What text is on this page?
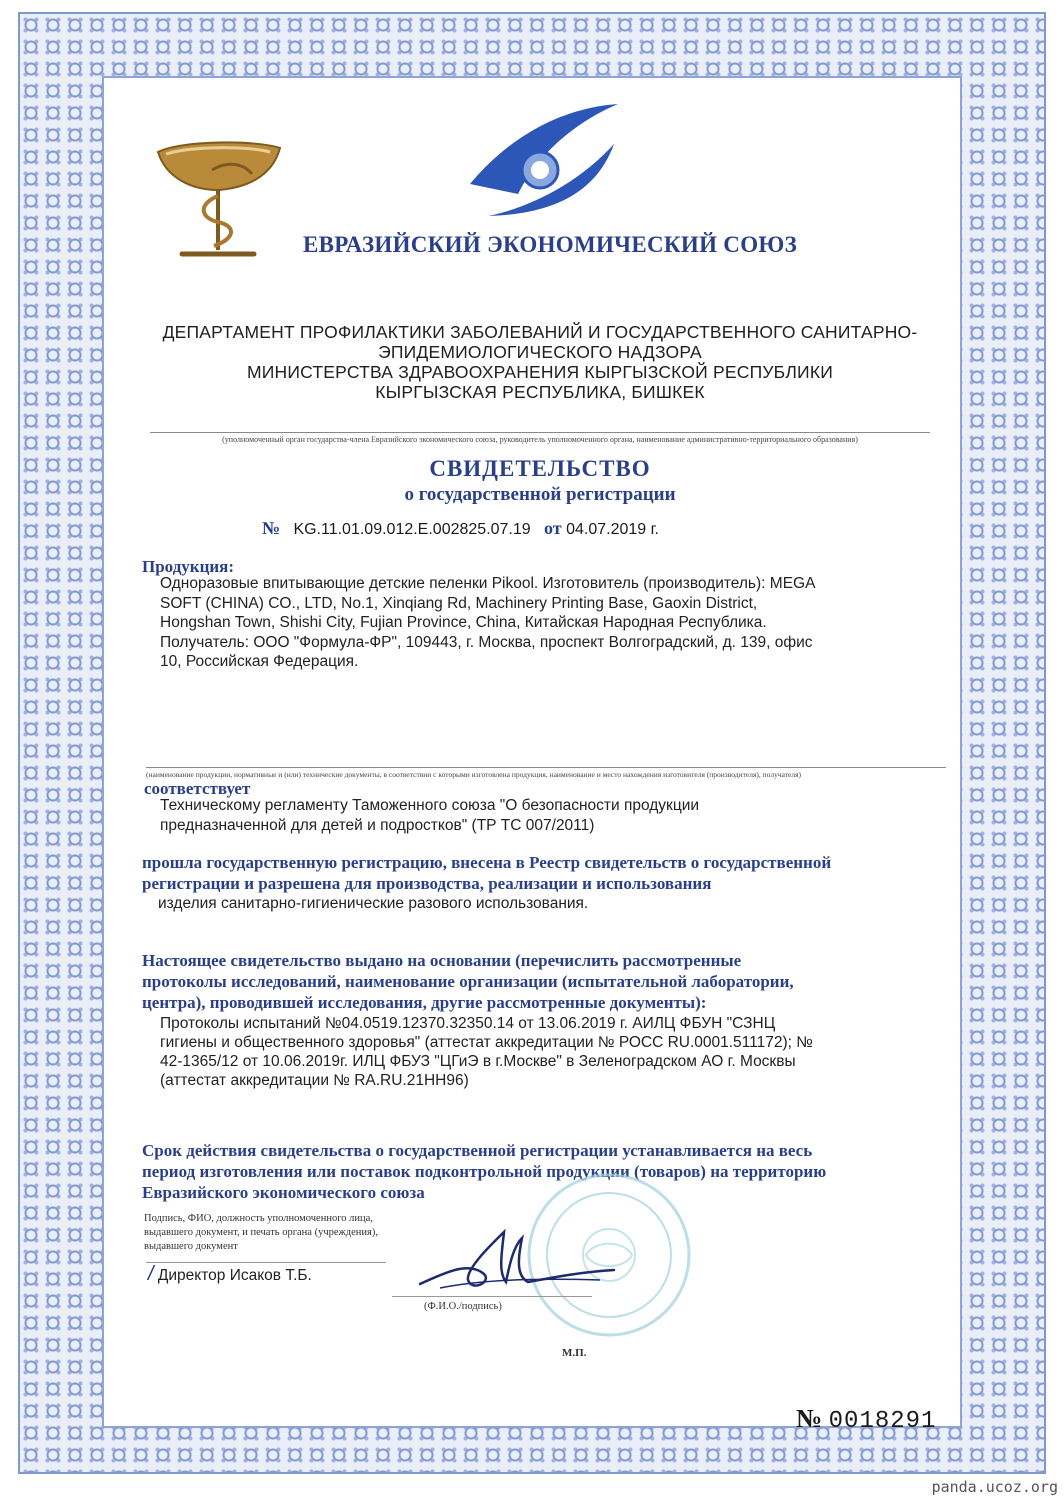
ЕВРАЗИЙСКИЙ ЭКОНОМИЧЕСКИЙ СОЮЗ
ДЕПАРТАМЕНТ ПРОФИЛАКТИКИ ЗАБОЛЕВАНИЙ И ГОСУДАРСТВЕННОГО САНИТАРНО-
ЭПИДЕМИОЛОГИЧЕСКОГО НАДЗОРА
МИНИСТЕРСТВА ЗДРАВООХРАНЕНИЯ КЫРГЫЗСКОЙ РЕСПУБЛИКИ
КЫРГЫЗСКАЯ РЕСПУБЛИКА, БИШКЕК
(уполномоченный орган государства-члена Евразийского экономического союза, руководитель уполномоченного органа, наименование административно-территориального образования)
СВИДЕТЕЛЬСТВО
о государственной регистрации
№ KG.11.01.09.012.E.002825.07.19 от 04.07.2019 г.
Продукция:
Одноразовые впитывающие детские пеленки Pikool. Изготовитель (производитель): MEGA
SOFT (CHINA) CO., LTD, No.1, Xinqiang Rd, Machinery Printing Base, Gaoxin District,
Hongshan Town, Shishi City, Fujian Province, China, Китайская Народная Республика.
Получатель: ООО "Формула-ФР", 109443, г. Москва, проспект Волгоградский, д. 139, офис
10, Российская Федерация.
(наименование продукции, нормативные и (или) технические документы, в соответствии с которыми изготовлена продукция, наименование и место нахождения изготовителя (производителя), получателя)
соответствует
Техническому регламенту Таможенного союза "О безопасности продукции
предназначенной для детей и подростков" (ТР ТС 007/2011)
прошла государственную регистрацию, внесена в Реестр свидетельств о государственной
регистрации и разрешена для производства, реализации и использования
изделия санитарно-гигиенические разового использования.
Настоящее свидетельство выдано на основании (перечислить рассмотренные
протоколы исследований, наименование организации (испытательной лаборатории,
центра), проводившей исследования, другие рассмотренные документы):
Протоколы испытаний №04.0519.12370.32350.14 от 13.06.2019 г. АИЛЦ ФБУН "СЗНЦ
гигиены и общественного здоровья" (аттестат аккредитации № РОСС RU.0001.511172); №
42-1365/12 от 10.06.2019г. ИЛЦ ФБУЗ "ЦГиЭ в г.Москве" в Зеленоградском АО г. Москвы
(аттестат аккредитации № RA.RU.21HH96)
Срок действия свидетельства о государственной регистрации устанавливается на весь
период изготовления или поставок подконтрольной продукции (товаров) на территорию
Евразийского экономического союза
Подпись, ФИО, должность уполномоченного лица,
выдавшего документ, и печать органа (учреждения),
выдавшего документ
/ Директор Исаков Т.Б.
(Ф.И.О./подпись)
М.П.
№ 0018291
panda.ucoz.org
